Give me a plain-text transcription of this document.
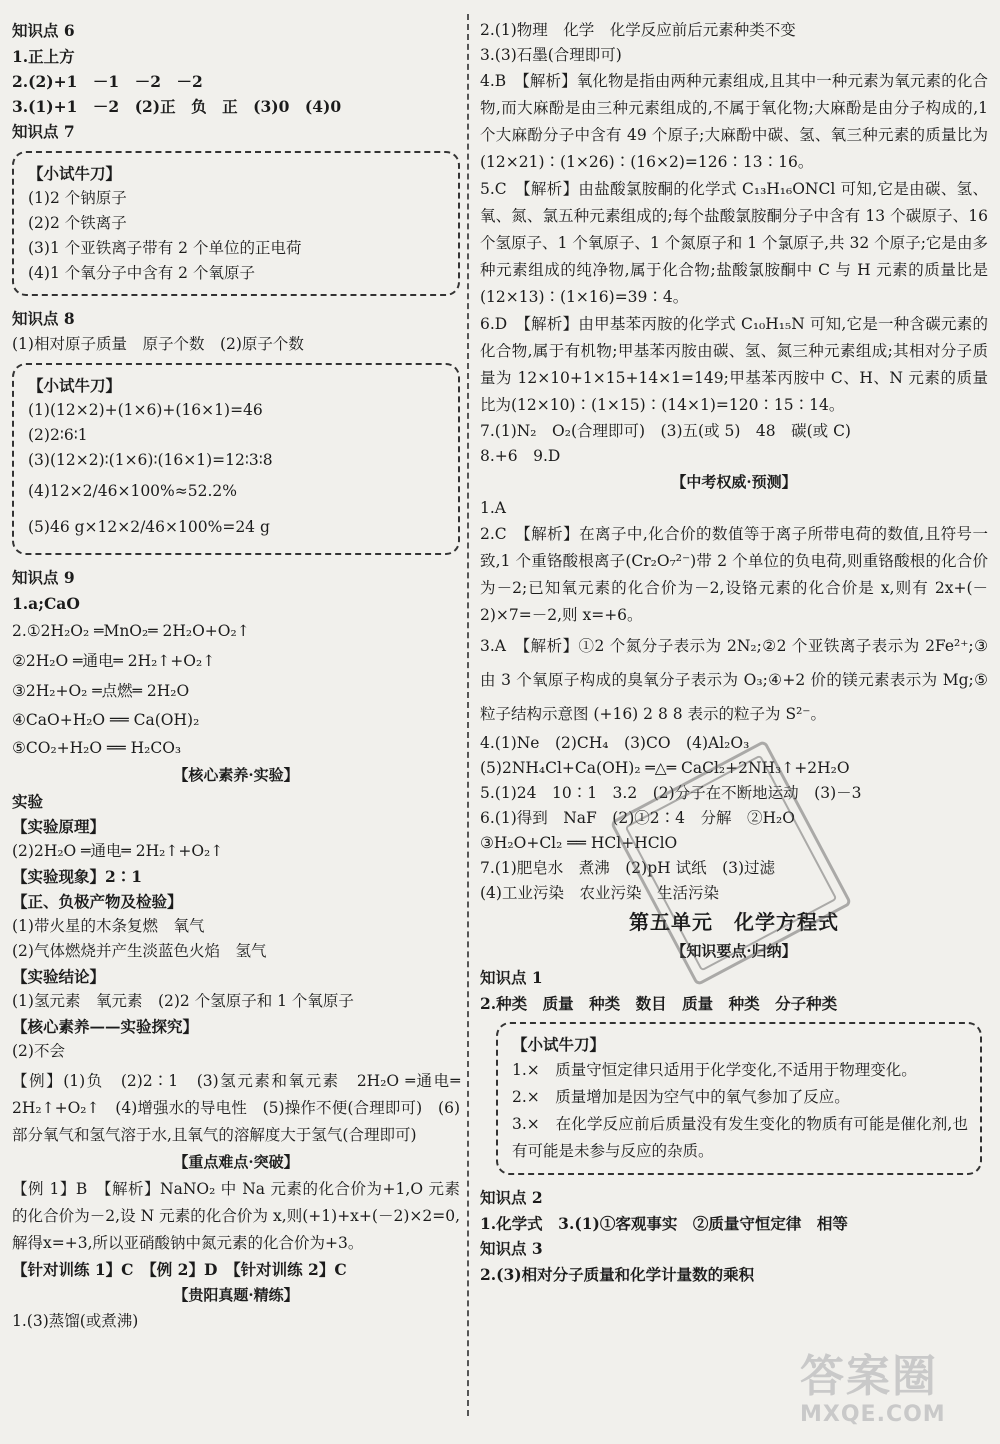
知识点 6
1.正上方
2.(2)+1　－1　－2　－2
3.(1)+1　－2　(2)正　负　正　(3)0　(4)0
知识点 7
【小试牛刀】
(1)2 个钠原子
(2)2 个铁离子
(3)1 个亚铁离子带有 2 个单位的正电荷
(4)1 个氧分子中含有 2 个氧原子
知识点 8
(1)相对原子质量　原子个数　(2)原子个数
【小试牛刀】
(1)(12×2)+(1×6)+(16×1)=46
(2)2∶6∶1
(3)(12×2)∶(1×6)∶(16×1)=12∶3∶8
(4)12×2/46×100%≈52.2%
(5)46 g×12×2/46×100%=24 g
知识点 9
1.a;CaO
2.①2H₂O₂ ═MnO₂═ 2H₂O+O₂↑
②2H₂O ═通电═ 2H₂↑+O₂↑
③2H₂+O₂ ═点燃═ 2H₂O
④CaO+H₂O ══ Ca(OH)₂
⑤CO₂+H₂O ══ H₂CO₃
【核心素养·实验】
实验
【实验原理】
(2)2H₂O ═通电═ 2H₂↑+O₂↑
【实验现象】2∶1
【正、负极产物及检验】
(1)带火星的木条复燃　氧气
(2)气体燃烧并产生淡蓝色火焰　氢气
【实验结论】
(1)氢元素　氧元素　(2)2 个氢原子和 1 个氧原子
【核心素养——实验探究】
(2)不会
【例】(1)负　(2)2∶1　(3)氢元素和氧元素　2H₂O ═通电═ 2H₂↑+O₂↑　(4)增强水的导电性　(5)操作不便(合理即可)　(6)部分氧气和氢气溶于水,且氧气的溶解度大于氢气(合理即可)
【重点难点·突破】
【例 1】B　【解析】NaNO₂ 中 Na 元素的化合价为+1,O 元素的化合价为－2,设 N 元素的化合价为 x,则(+1)+x+(－2)×2=0,解得x=+3,所以亚硝酸钠中氮元素的化合价为+3。
【针对训练 1】C　【例 2】D　【针对训练 2】C
【贵阳真题·精练】
1.(3)蒸馏(或煮沸)
2.(1)物理　化学　化学反应前后元素种类不变
3.(3)石墨(合理即可)
4.B　【解析】氧化物是指由两种元素组成,且其中一种元素为氧元素的化合物,而大麻酚是由三种元素组成的,不属于氧化物;大麻酚是由分子构成的,1 个大麻酚分子中含有 49 个原子;大麻酚中碳、氢、氧三种元素的质量比为(12×21)∶(1×26)∶(16×2)=126∶13∶16。
5.C　【解析】由盐酸氯胺酮的化学式 C₁₃H₁₆ONCl 可知,它是由碳、氢、氧、氮、氯五种元素组成的;每个盐酸氯胺酮分子中含有 13 个碳原子、16 个氢原子、1 个氧原子、1 个氮原子和 1 个氯原子,共 32 个原子;它是由多种元素组成的纯净物,属于化合物;盐酸氯胺酮中 C 与 H 元素的质量比是(12×13)∶(1×16)=39∶4。
6.D　【解析】由甲基苯丙胺的化学式 C₁₀H₁₅N 可知,它是一种含碳元素的化合物,属于有机物;甲基苯丙胺由碳、氢、氮三种元素组成;其相对分子质量为 12×10+1×15+14×1=149;甲基苯丙胺中 C、H、N 元素的质量比为(12×10)∶(1×15)∶(14×1)=120∶15∶14。
7.(1)N₂　O₂(合理即可)　(3)五(或 5)　48　碳(或 C)
8.+6　9.D
【中考权威·预测】
1.A
2.C　【解析】在离子中,化合价的数值等于离子所带电荷的数值,且符号一致,1 个重铬酸根离子(Cr₂O₇²⁻)带 2 个单位的负电荷,则重铬酸根的化合价为－2;已知氧元素的化合价为－2,设铬元素的化合价是 x,则有 2x+(－2)×7=－2,则 x=+6。
3.A　【解析】①2 个氮分子表示为 2N₂;②2 个亚铁离子表示为 2Fe²⁺;③由 3 个氧原子构成的臭氧分子表示为 O₃;④+2 价的镁元素表示为 Mg;⑤粒子结构示意图 (+16) 2 8 8 表示的粒子为 S²⁻。
4.(1)Ne　(2)CH₄　(3)CO　(4)Al₂O₃
(5)2NH₄Cl+Ca(OH)₂ ═△═ CaCl₂+2NH₃↑+2H₂O
5.(1)24　10∶1　3.2　(2)分子在不断地运动　(3)－3
6.(1)得到　NaF　(2)①2∶4　分解　②H₂O
③H₂O+Cl₂ ══ HCl+HClO
7.(1)肥皂水　煮沸　(2)pH 试纸　(3)过滤
(4)工业污染　农业污染　生活污染
第五单元　化学方程式
【知识要点·归纳】
知识点 1
2.种类　质量　种类　数目　质量　种类　分子种类
【小试牛刀】
1.×　质量守恒定律只适用于化学变化,不适用于物理变化。
2.×　质量增加是因为空气中的氧气参加了反应。
3.×　在化学反应前后质量没有发生变化的物质有可能是催化剂,也有可能是未参与反应的杂质。
知识点 2
1.化学式　3.(1)①客观事实　②质量守恒定律　相等
知识点 3
2.(3)相对分子质量和化学计量数的乘积
答案圈
MXQE.COM
